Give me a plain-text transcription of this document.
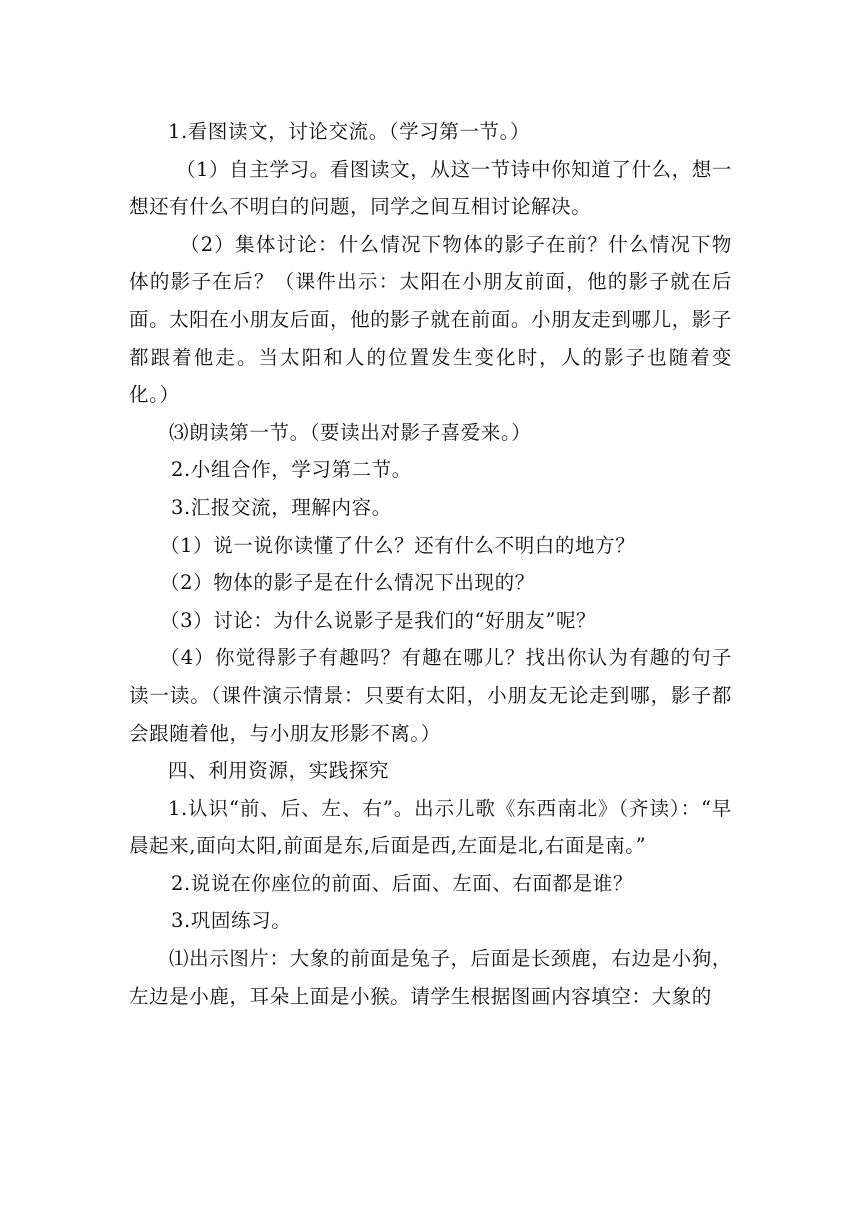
1.看图读文，讨论交流。（学习第一节。）

（1）自主学习。看图读文，从这一节诗中你知道了什么，想一想还有什么不明白的问题，同学之间互相讨论解决。

（2）集体讨论：什么情况下物体的影子在前？什么情况下物体的影子在后？（课件出示：太阳在小朋友前面，他的影子就在后面。太阳在小朋友后面，他的影子就在前面。小朋友走到哪儿，影子都跟着他走。当太阳和人的位置发生变化时，人的影子也随着变化。）

⑶朗读第一节。（要读出对影子喜爱来。）

2.小组合作，学习第二节。

3.汇报交流，理解内容。

（1）说一说你读懂了什么？还有什么不明白的地方？

（2）物体的影子是在什么情况下出现的？

（3）讨论：为什么说影子是我们的“好朋友”呢？

（4）你觉得影子有趣吗？有趣在哪儿？找出你认为有趣的句子读一读。（课件演示情景：只要有太阳，小朋友无论走到哪，影子都会跟随着他，与小朋友形影不离。）

四、利用资源，实践探究

1.认识“前、后、左、右”。出示儿歌《东西南北》（齐读）：“早晨起来,面向太阳,前面是东,后面是西,左面是北,右面是南。”

2.说说在你座位的前面、后面、左面、右面都是谁？

3.巩固练习。

⑴出示图片：大象的前面是兔子，后面是长颈鹿，右边是小狗，左边是小鹿，耳朵上面是小猴。请学生根据图画内容填空：大象的
